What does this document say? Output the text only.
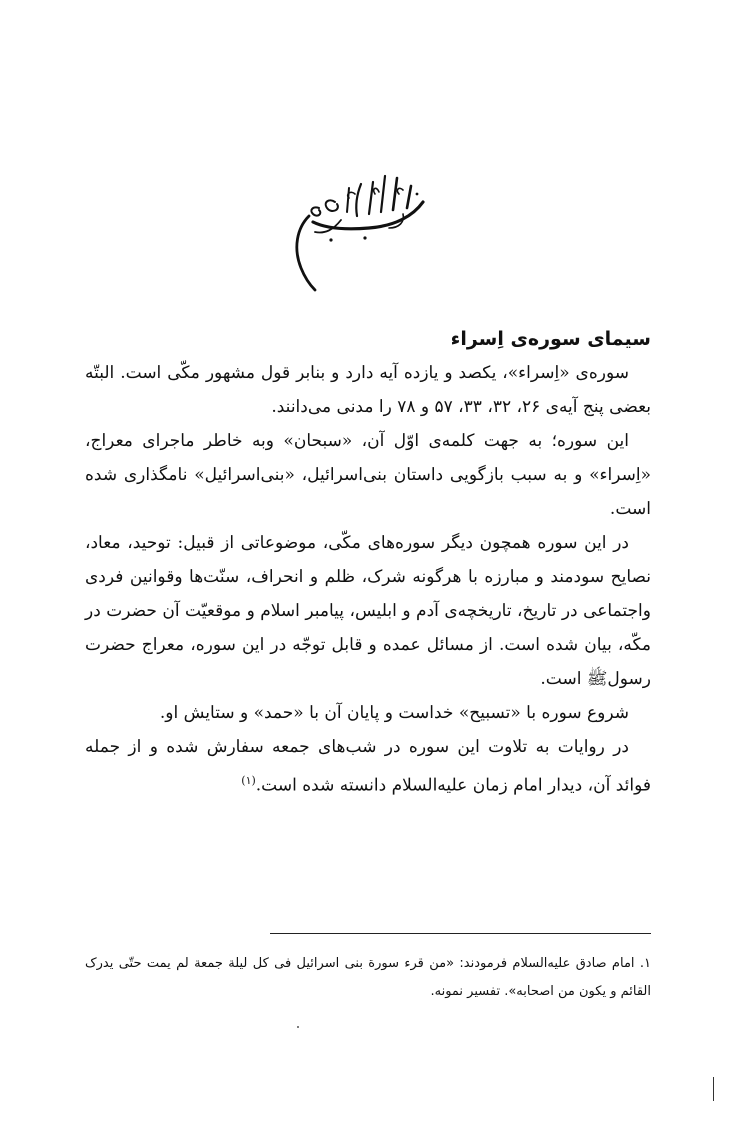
سیمای سوره‌ی اِسراء

سوره‌ی «اِسراء»، یکصد و یازده آیه دارد و بنابر قول مشهور مکّی است. البتّه بعضی پنج آیه‌ی ۲۶، ۳۲، ۳۳، ۵۷ و ۷۸ را مدنی می‌دانند.

این سوره؛ به جهت کلمه‌ی اوّل آن، «سبحان» وبه خاطر ماجرای معراج، «اِسراء» و به سبب بازگویی داستان بنی‌اسرائیل، «بنی‌اسرائیل» نامگذاری شده است.

در این سوره همچون دیگر سوره‌های مکّی، موضوعاتی از قبیل: توحید، معاد، نصایح سودمند و مبارزه با هرگونه شرک، ظلم و انحراف، سنّت‌ها وقوانین فردی واجتماعی در تاریخ، تاریخچه‌ی آدم و ابلیس، پیامبر اسلام و موقعیّت آن حضرت در مکّه، بیان شده است. از مسائل عمده و قابل توجّه در این سوره، معراج حضرت رسولﷺ است.

شروع سوره با «تسبیح» خداست و پایان آن با «حمد» و ستایش او.

در روایات به تلاوت این سوره در شب‌های جمعه سفارش شده و از جمله فوائد آن، دیدار امام زمان‌ عليه‌السلام دانسته شده است.$^{(۱)}$

۱. امام صادق عليه‌السلام فرمودند: «من قرء سورة بنی اسرائیل فی کل لیلة جمعة لم یمت حتّی یدرک القائم و یکون من اصحابه». تفسیر نمونه.
